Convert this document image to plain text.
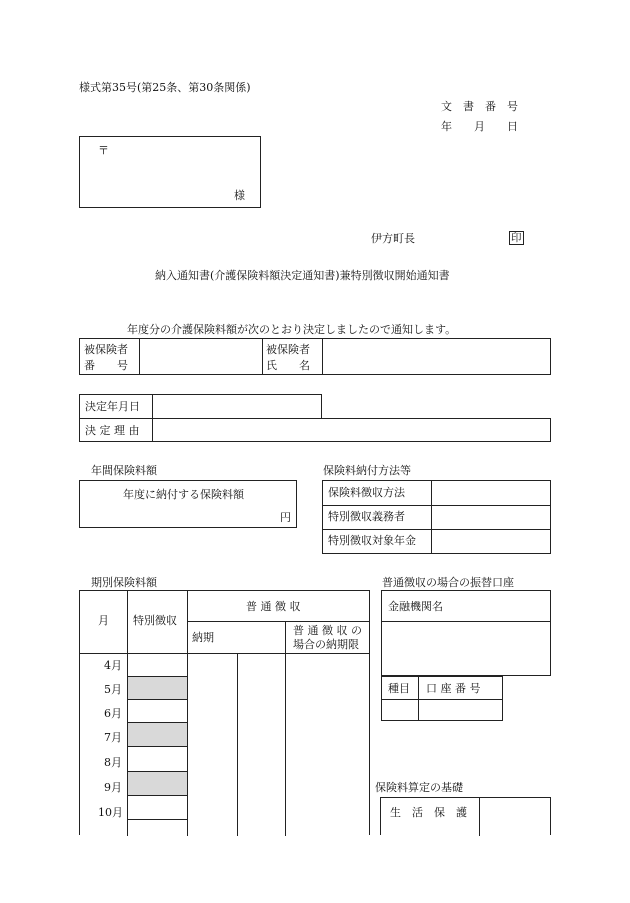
様式第35号(第25条、第30条関係)
文　書　番　号
年　　月　　日
〒
様
伊方町長	印
納入通知書(介護保険料額決定通知書)兼特別徴収開始通知書
年度分の介護保険料額が次のとおり決定しましたので通知します。
被保険者
番　　号
被保険者
氏　　名
決定年月日
決 定 理 由
年間保険料額
年度に納付する保険料額
円
保険料納付方法等
保険料徴収方法
特別徴収義務者
特別徴収対象年金
期別保険料額
月 特別徴収
普 通 徴 収
納期
普 通 徴 収 の
場合の納期限
4月
5月
6月
7月
8月
9月
10月
普通徴収の場合の振替口座
金融機関名
種目 口 座 番 号
保険料算定の基礎
生　活　保　護
